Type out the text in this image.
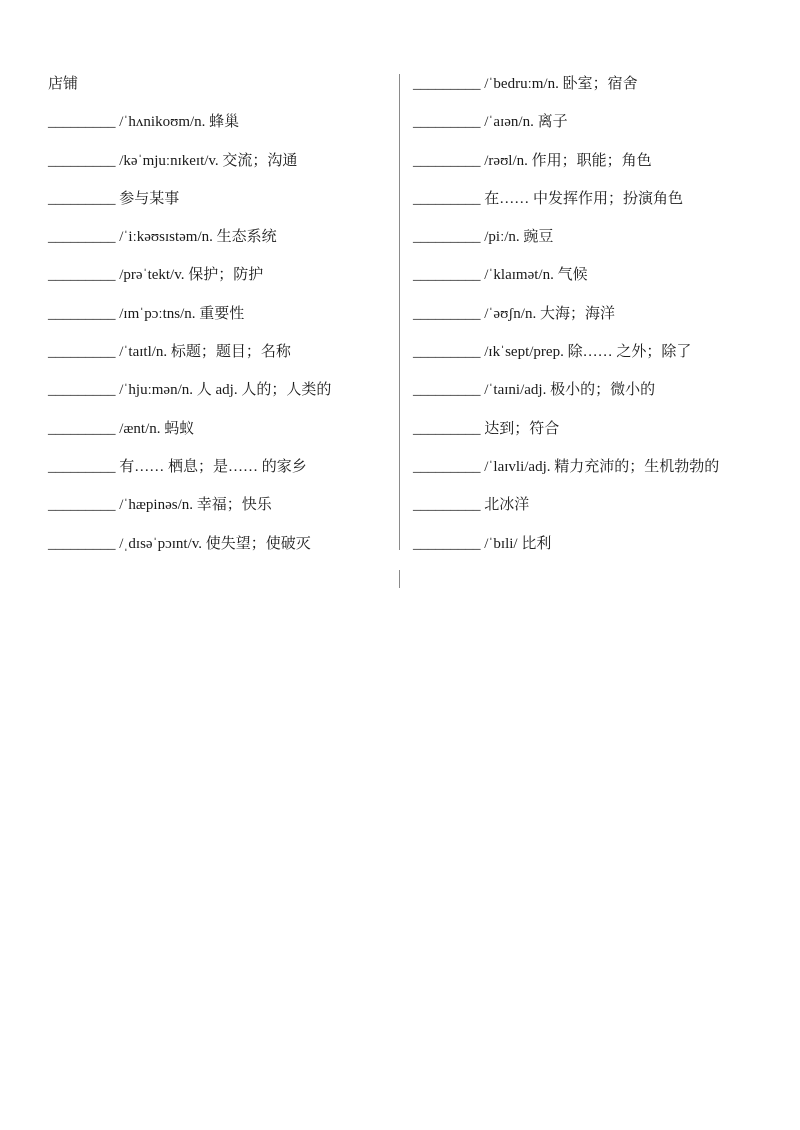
店铺
_________ /ˈhʌnikoʊm/n. 蜂巢
_________ /kəˈmjuːnɪkeɪt/v. 交流；沟通
_________ 参与某事
_________ /ˈiːkəʊsɪstəm/n. 生态系统
_________ /prəˈtekt/v. 保护；防护
_________ /ɪmˈpɔːtns/n. 重要性
_________ /ˈtaɪtl/n. 标题；题目；名称
_________ /ˈhjuːmən/n. 人 adj. 人的；人类的
_________ /ænt/n. 蚂蚁
_________ 有…… 栖息；是…… 的家乡
_________ /ˈhæpinəs/n. 幸福；快乐
_________ /ˌdɪsəˈpɔɪnt/v. 使失望；使破灭
_________ /ˈbedruːm/n. 卧室；宿舍
_________ /ˈaɪən/n. 离子
_________ /rəʊl/n. 作用；职能；角色
_________ 在…… 中发挥作用；扮演角色
_________ /piː/n. 豌豆
_________ /ˈklaɪmət/n. 气候
_________ /ˈəʊʃn/n. 大海；海洋
_________ /ɪkˈsept/prep. 除…… 之外；除了
_________ /ˈtaɪni/adj. 极小的；微小的
_________ 达到；符合
_________ /ˈlaɪvli/adj. 精力充沛的；生机勃勃的
_________ 北冰洋
_________ /ˈbɪli/ 比利
